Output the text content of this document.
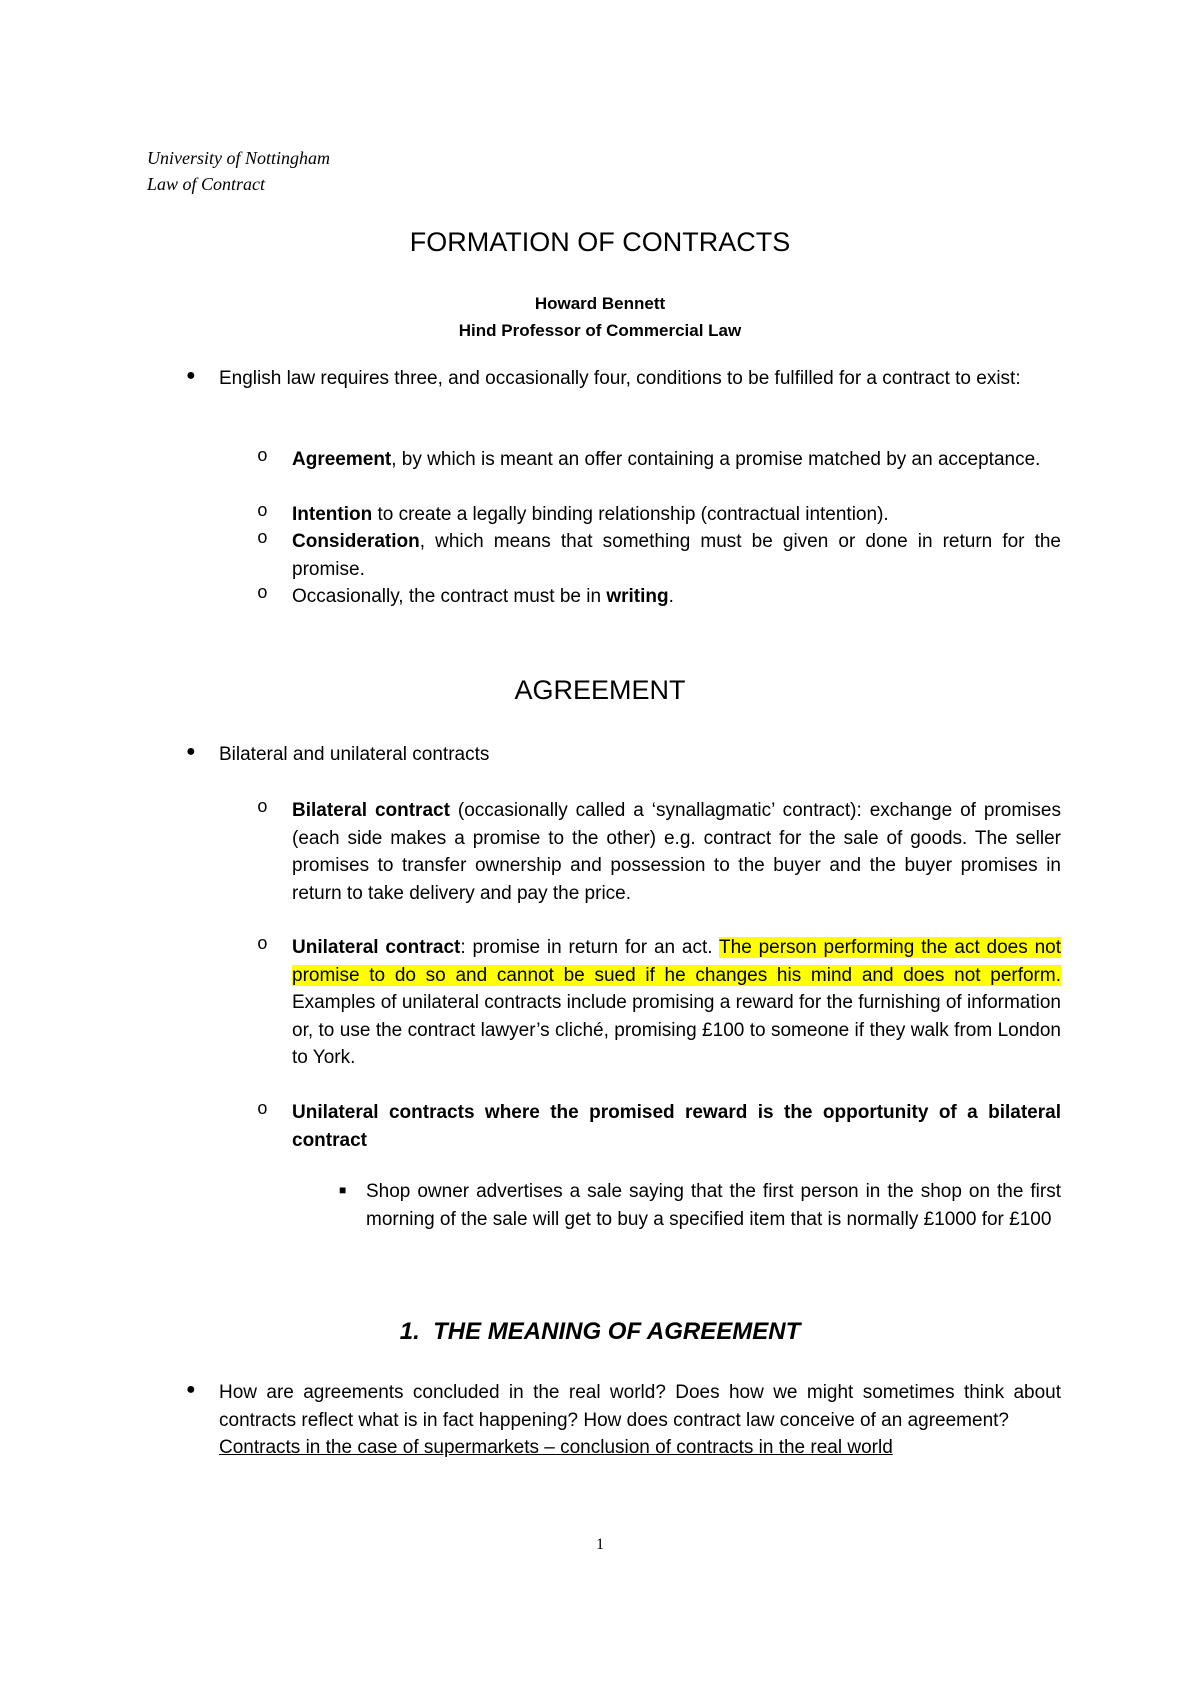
University of Nottingham
Law of Contract
FORMATION OF CONTRACTS
Howard Bennett
Hind Professor of Commercial Law
● English law requires three, and occasionally four, conditions to be fulfilled for a contract to exist:
o Agreement, by which is meant an offer containing a promise matched by an acceptance.
o Intention to create a legally binding relationship (contractual intention).
o Consideration, which means that something must be given or done in return for the promise.
o Occasionally, the contract must be in writing.
AGREEMENT
● Bilateral and unilateral contracts
o Bilateral contract (occasionally called a ‘synallagmatic’ contract): exchange of promises (each side makes a promise to the other) e.g. contract for the sale of goods. The seller promises to transfer ownership and possession to the buyer and the buyer promises in return to take delivery and pay the price.
o Unilateral contract: promise in return for an act. The person performing the act does not promise to do so and cannot be sued if he changes his mind and does not perform. Examples of unilateral contracts include promising a reward for the furnishing of information or, to use the contract lawyer’s cliché, promising £100 to someone if they walk from London to York.
o Unilateral contracts where the promised reward is the opportunity of a bilateral contract
■ Shop owner advertises a sale saying that the first person in the shop on the first morning of the sale will get to buy a specified item that is normally £1000 for £100
1.  THE MEANING OF AGREEMENT
● How are agreements concluded in the real world? Does how we might sometimes think about contracts reflect what is in fact happening? How does contract law conceive of an agreement?
Contracts in the case of supermarkets – conclusion of contracts in the real world
1
